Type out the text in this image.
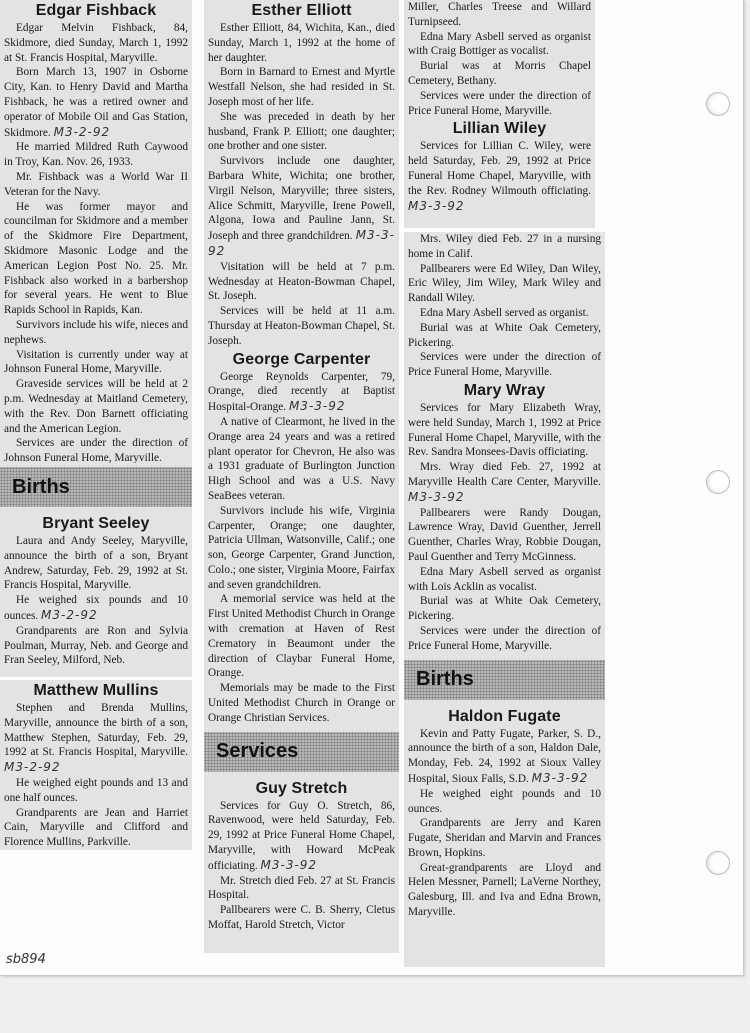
Edgar Fishback

Edgar Melvin Fishback, 84, Skidmore, died Sunday, March 1, 1992 at St. Francis Hospital, Maryville.

Born March 13, 1907 in Osborne City, Kan. to Henry David and Martha Fishback, he was a retired owner and operator of Mobile Oil and Gas Station, Skidmore. M3-2-92

He married Mildred Ruth Caywood in Troy, Kan. Nov. 26, 1933.

Mr. Fishback was a World War II Veteran for the Navy.

He was former mayor and councilman for Skidmore and a member of the Skidmore Fire Department, Skidmore Masonic Lodge and the American Legion Post No. 25. Mr. Fishback also worked in a barbershop for several years. He went to Blue Rapids School in Rapids, Kan.

Survivors include his wife, nieces and nephews.

Visitation is currently under way at Johnson Funeral Home, Maryville.

Graveside services will be held at 2 p.m. Wednesday at Maitland Cemetery, with the Rev. Don Barnett officiating and the American Legion.

Services are under the direction of Johnson Funeral Home, Maryville.

Births
Bryant Seeley

Laura and Andy Seeley, Maryville, announce the birth of a son, Bryant Andrew, Saturday, Feb. 29, 1992 at St. Francis Hospital, Maryville.

He weighed six pounds and 10 ounces. M3-2-92

Grandparents are Ron and Sylvia Poulman, Murray, Neb. and George and Fran Seeley, Milford, Neb.

Matthew Mullins

Stephen and Brenda Mullins, Maryville, announce the birth of a son, Matthew Stephen, Saturday, Feb. 29, 1992 at St. Francis Hospital, Maryville. M3-2-92

He weighed eight pounds and 13 and one half ounces.

Grandparents are Jean and Harriet Cain, Maryville and Clifford and Florence Mullins, Parkville.

Esther Elliott

Esther Elliott, 84, Wichita, Kan., died Sunday, March 1, 1992 at the home of her daughter.

Born in Barnard to Ernest and Myrtle Westfall Nelson, she had resided in St. Joseph most of her life.

She was preceded in death by her husband, Frank P. Elliott; one daughter; one brother and one sister.

Survivors include one daughter, Barbara White, Wichita; one brother, Virgil Nelson, Maryville; three sisters, Alice Schmitt, Maryville, Irene Powell, Algona, Iowa and Pauline Jann, St. Joseph and three grandchildren. M3-3-92

Visitation will be held at 7 p.m. Wednesday at Heaton-Bowman Chapel, St. Joseph.

Services will be held at 11 a.m. Thursday at Heaton-Bowman Chapel, St. Joseph.

George Carpenter

George Reynolds Carpenter, 79, Orange, died recently at Baptist Hospital-Orange. M3-3-92

A native of Clearmont, he lived in the Orange area 24 years and was a retired plant operator for Chevron, He also was a 1931 graduate of Burlington Junction High School and was a U.S. Navy SeaBees veteran.

Survivors include his wife, Virginia Carpenter, Orange; one daughter, Patricia Ullman, Watsonville, Calif.; one son, George Carpenter, Grand Junction, Colo.; one sister, Virginia Moore, Fairfax and seven grandchildren.

A memorial service was held at the First United Methodist Church in Orange with cremation at Haven of Rest Crematory in Beaumont under the direction of Claybar Funeral Home, Orange.

Memorials may be made to the First United Methodist Church in Orange or Orange Christian Services.

Services
Guy Stretch

Services for Guy O. Stretch, 86, Ravenwood, were held Saturday, Feb. 29, 1992 at Price Funeral Home Chapel, Maryville, with Howard McPeak officiating. M3-3-92

Mr. Stretch died Feb. 27 at St. Francis Hospital.

Pallbearers were C. B. Sherry, Cletus Moffat, Harold Stretch, Victor

Miller, Charles Treese and Willard Turnipseed.

Edna Mary Asbell served as organist with Craig Bottiger as vocalist.

Burial was at Morris Chapel Cemetery, Bethany.

Services were under the direction of Price Funeral Home, Maryville.

Lillian Wiley

Services for Lillian C. Wiley, were held Saturday, Feb. 29, 1992 at Price Funeral Home Chapel, Maryville, with the Rev. Rodney Wilmouth officiating. M3-3-92

Mrs. Wiley died Feb. 27 in a nursing home in Calif.

Pallbearers were Ed Wiley, Dan Wiley, Eric Wiley, Jim Wiley, Mark Wiley and Randall Wiley.

Edna Mary Asbell served as organist.

Burial was at White Oak Cemetery, Pickering.

Services were under the direction of Price Funeral Home, Maryville.

Mary Wray

Services for Mary Elizabeth Wray, were held Sunday, March 1, 1992 at Price Funeral Home Chapel, Maryville, with the Rev. Sandra Monsees-Davis officiating.

Mrs. Wray died Feb. 27, 1992 at Maryville Health Care Center, Maryville. M3-3-92

Pallbearers were Randy Dougan, Lawrence Wray, David Guenther, Jerrell Guenther, Charles Wray, Robbie Dougan, Paul Guenther and Terry McGinness.

Edna Mary Asbell served as organist with Lois Acklin as vocalist.

Burial was at White Oak Cemetery, Pickering.

Services were under the direction of Price Funeral Home, Maryville.

Births
Haldon Fugate

Kevin and Patty Fugate, Parker, S. D., announce the birth of a son, Haldon Dale, Monday, Feb. 24, 1992 at Sioux Valley Hospital, Sioux Falls, S.D. M3-3-92

He weighed eight pounds and 10 ounces.

Grandparents are Jerry and Karen Fugate, Sheridan and Marvin and Frances Brown, Hopkins.

Great-grandparents are Lloyd and Helen Messner, Parnell; LaVerne Northey, Galesburg, Ill. and Iva and Edna Brown, Maryville.

sb894
